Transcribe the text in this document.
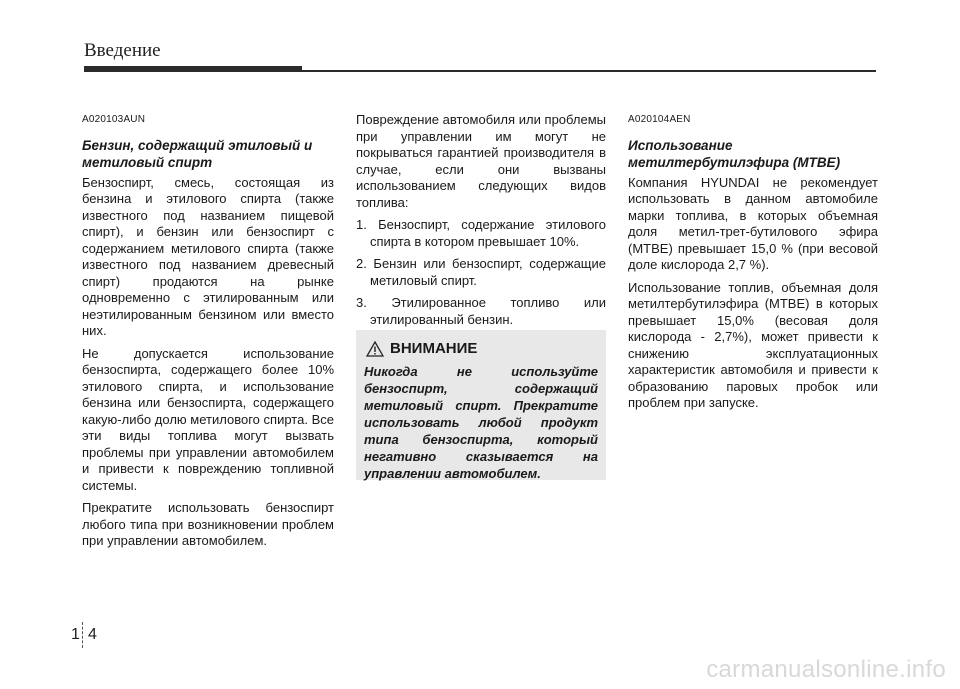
Введение

A020103AUN

Бензин, содержащий этиловый и метиловый спирт

Бензоспирт, смесь, состоящая из бензина и этилового спирта (также известного под названием пищевой спирт), и бензин или бензоспирт с содержанием метилового спирта (также известного под названием древесный спирт) продаются на рынке одновременно с этилированным или неэтилированным бензином или вместо них.

Не допускается использование бензоспирта, содержащего более 10% этилового спирта, и использование бензина или бензоспирта, содержащего какую-либо долю метилового спирта. Все эти виды топлива могут вызвать проблемы при управлении автомобилем и привести к повреждению топливной системы.

Прекратите использовать бензоспирт любого типа при возникновении проблем при управлении автомобилем.

Повреждение автомобиля или проблемы при управлении им могут не покрываться гарантией производителя в случае, если они вызваны использованием следующих видов топлива:

1. Бензоспирт, содержание этилового спирта в котором превышает 10%.
2. Бензин или бензоспирт, содержащие метиловый спирт.
3. Этилированное топливо или этилированный бензин.
ВНИМАНИЕ

Никогда не используйте бензоспирт, содержащий метиловый спирт. Прекратите использовать любой продукт типа бензоспирта, который негативно сказывается на управлении автомобилем.

A020104AEN

Использование метилтербутилэфира (MTBE)

Компания HYUNDAI не рекомендует использовать в данном автомобиле марки топлива, в которых объемная доля метил-трет-бутилового эфира (MTBE) превышает 15,0 % (при весовой доле кислорода 2,7 %).

Использование топлив, объемная доля метилтербутилэфира (MTBE) в которых превышает 15,0% (весовая доля кислорода - 2,7%), может привести к снижению эксплуатационных характеристик автомобиля и привести к образованию паровых пробок или проблем при запуске.

1 4
carmanualsonline.info
